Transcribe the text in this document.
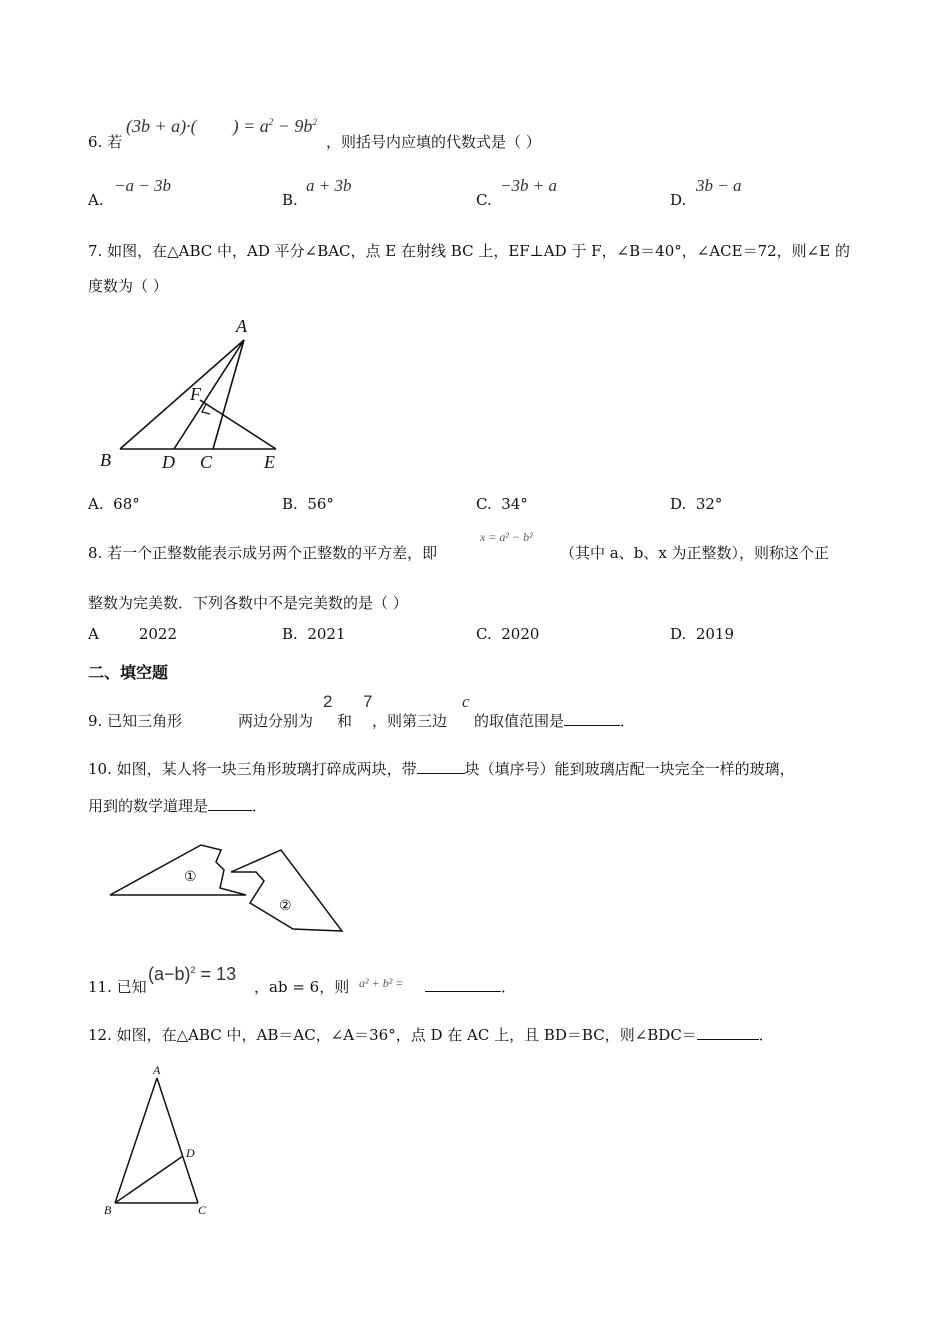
6. 若
(3b + a)·( ) = $a^2 - 9b^2$
，则括号内应填的代数式是（ ）
A.
−a − 3b
B.
a + 3b
C.
−3b + a
D.
3b − a
7. 如图，在△ABC 中，AD 平分∠BAC，点 E 在射线 BC 上，EF⊥AD 于 F，∠B＝40°，∠ACE＝72，则∠E 的
度数为（ ）
A
B	D C	E
F
A. 68°	B. 56°	C. 34°	D. 32°
8. 若一个正整数能表示成另两个正整数的平方差，即
x = a² − b²
（其中 a、b、x 为正整数），则称这个正
整数为完美数．下列各数中不是完美数的是（ ）
A	2022	B. 2021	C. 2020	D. 2019
二、填空题
9. 已知三角形	两边分别为
2
和
7
，则第三边
c
的取值范围是	．
10. 如图，某人将一块三角形玻璃打碎成两块，带	块（填序号）能到玻璃店配一块完全一样的玻璃，
用到的数学道理是	．
①
②
11. 已知
$(a-b)^2 = 13$
，ab = 6，则 a² + b² =	．
12. 如图，在△ABC 中，AB＝AC，∠A＝36°，点 D 在 AC 上，且 BD＝BC，则∠BDC＝	．
A
B	C
D
